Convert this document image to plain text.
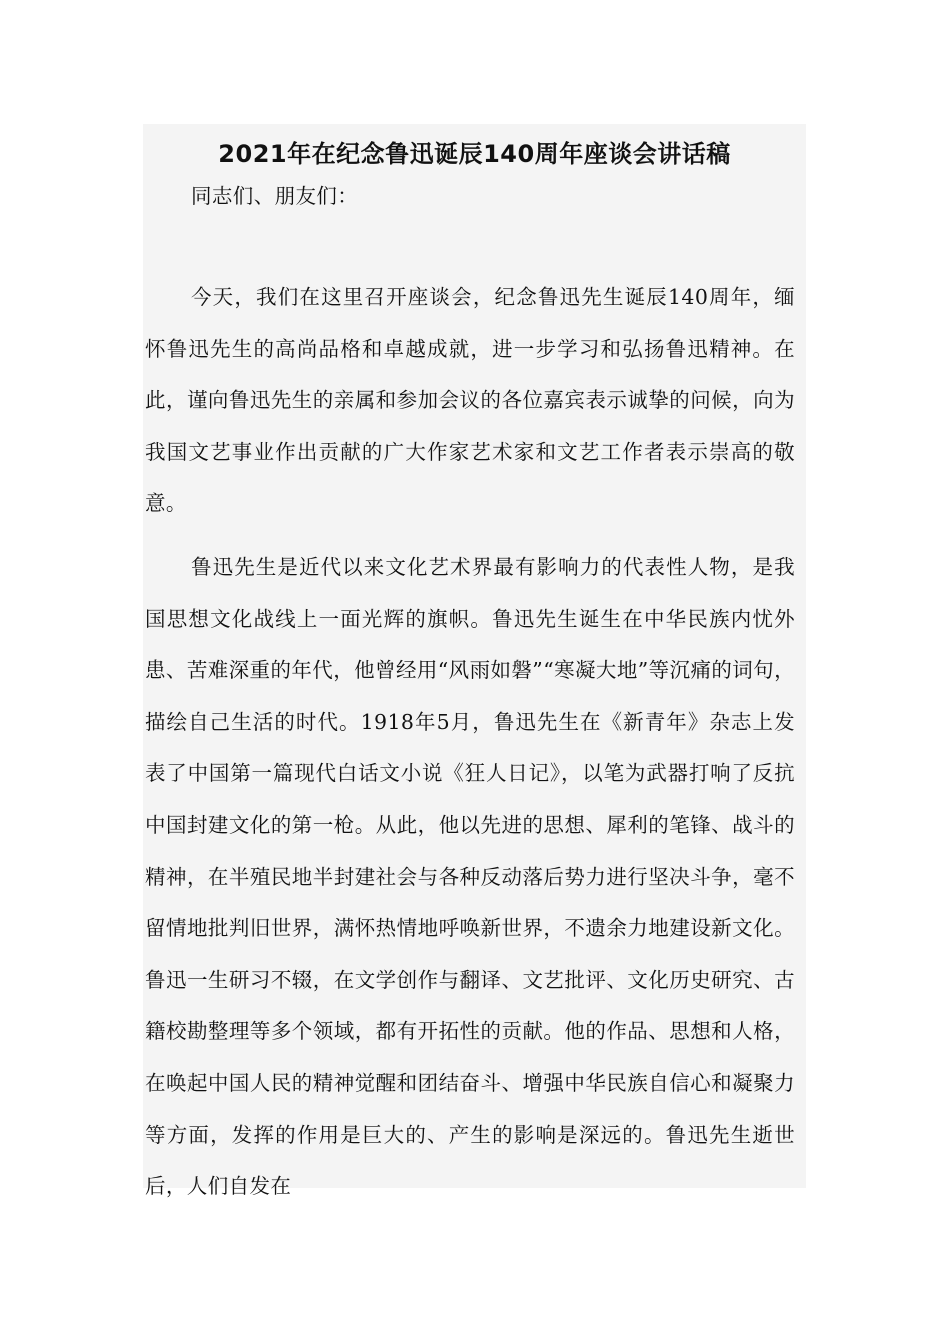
2021年在纪念鲁迅诞辰140周年座谈会讲话稿

同志们、朋友们：

今天，我们在这里召开座谈会，纪念鲁迅先生诞辰140周年，缅怀鲁迅先生的高尚品格和卓越成就，进一步学习和弘扬鲁迅精神。在此，谨向鲁迅先生的亲属和参加会议的各位嘉宾表示诚挚的问候，向为我国文艺事业作出贡献的广大作家艺术家和文艺工作者表示崇高的敬意。

鲁迅先生是近代以来文化艺术界最有影响力的代表性人物，是我国思想文化战线上一面光辉的旗帜。鲁迅先生诞生在中华民族内忧外患、苦难深重的年代，他曾经用“风雨如磐”“寒凝大地”等沉痛的词句，描绘自己生活的时代。1918年5月，鲁迅先生在《新青年》杂志上发表了中国第一篇现代白话文小说《狂人日记》，以笔为武器打响了反抗中国封建文化的第一枪。从此，他以先进的思想、犀利的笔锋、战斗的精神，在半殖民地半封建社会与各种反动落后势力进行坚决斗争，毫不留情地批判旧世界，满怀热情地呼唤新世界，不遗余力地建设新文化。鲁迅一生研习不辍，在文学创作与翻译、文艺批评、文化历史研究、古籍校勘整理等多个领域，都有开拓性的贡献。他的作品、思想和人格，在唤起中国人民的精神觉醒和团结奋斗、增强中华民族自信心和凝聚力等方面，发挥的作用是巨大的、产生的影响是深远的。鲁迅先生逝世后，人们自发在
